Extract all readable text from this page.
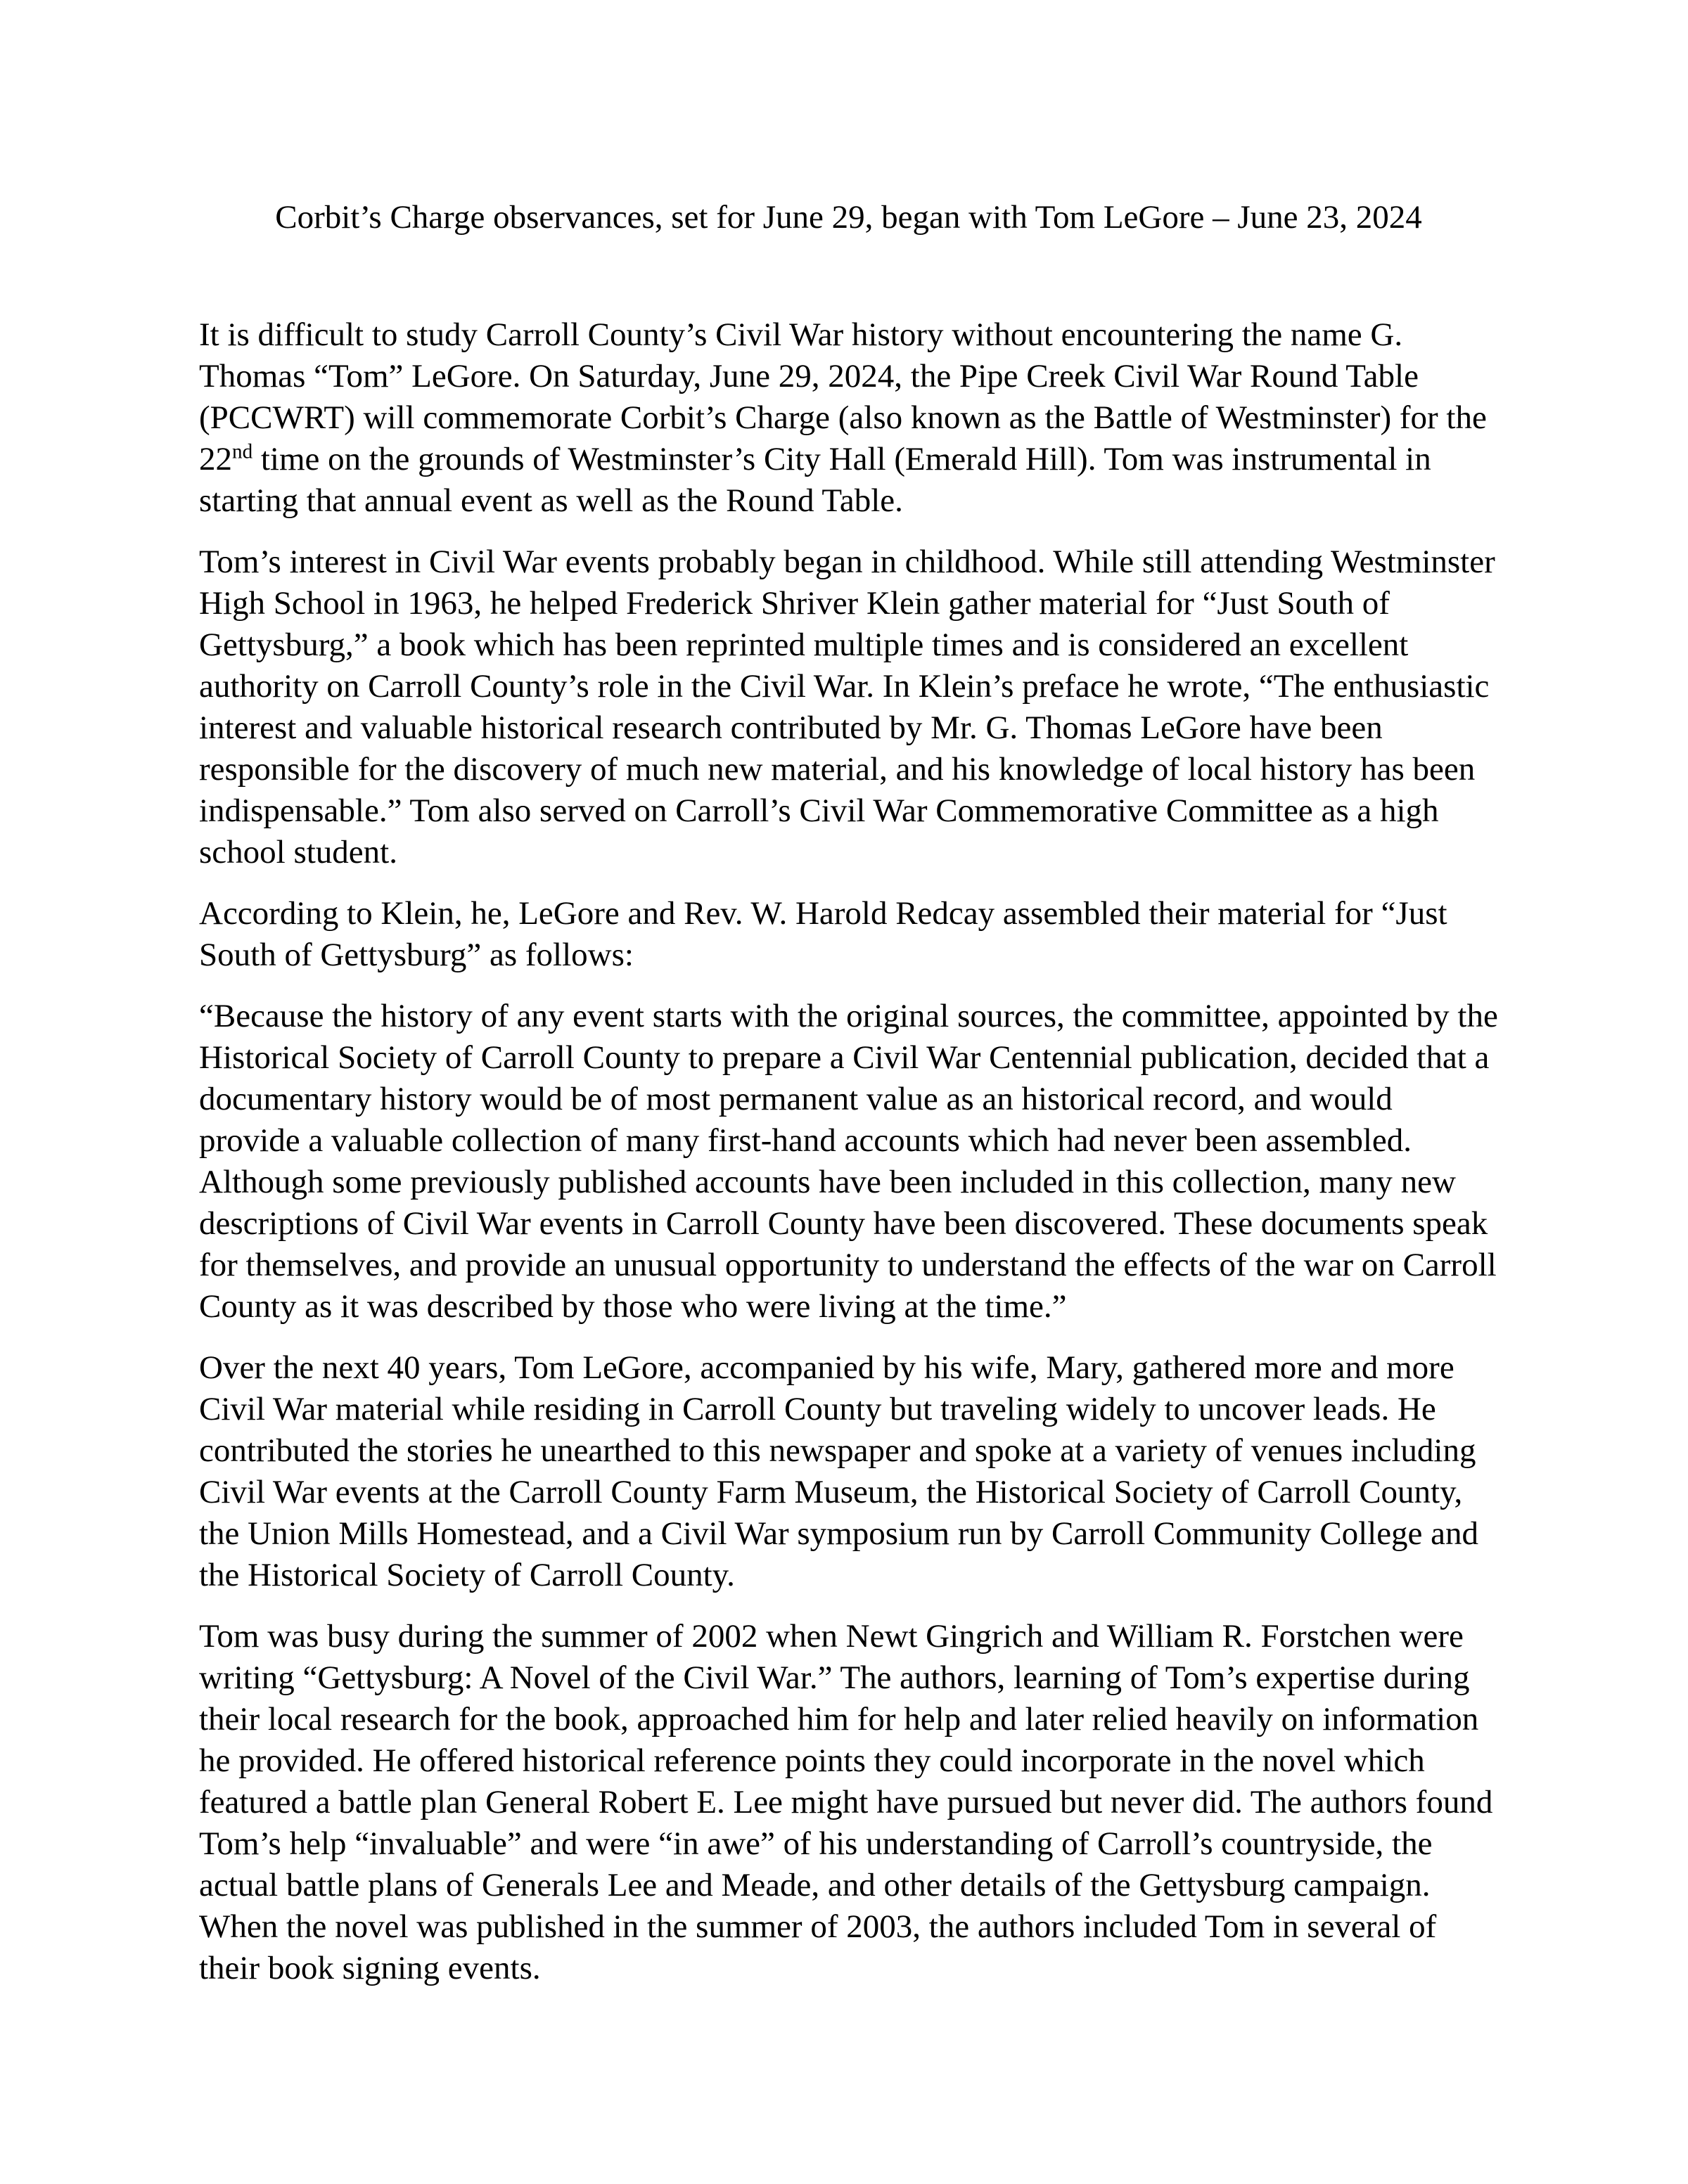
Corbit’s Charge observances, set for June 29, began with Tom LeGore – June 23, 2024

It is difficult to study Carroll County’s Civil War history without encountering the name G. Thomas “Tom” LeGore. On Saturday, June 29, 2024, the Pipe Creek Civil War Round Table (PCCWRT) will commemorate Corbit’s Charge (also known as the Battle of Westminster) for the 22nd time on the grounds of Westminster’s City Hall (Emerald Hill). Tom was instrumental in starting that annual event as well as the Round Table.

Tom’s interest in Civil War events probably began in childhood. While still attending Westminster High School in 1963, he helped Frederick Shriver Klein gather material for “Just South of Gettysburg,” a book which has been reprinted multiple times and is considered an excellent authority on Carroll County’s role in the Civil War. In Klein’s preface he wrote, “The enthusiastic interest and valuable historical research contributed by Mr. G. Thomas LeGore have been responsible for the discovery of much new material, and his knowledge of local history has been indispensable.” Tom also served on Carroll’s Civil War Commemorative Committee as a high school student.

According to Klein, he, LeGore and Rev. W. Harold Redcay assembled their material for “Just South of Gettysburg” as follows:

“Because the history of any event starts with the original sources, the committee, appointed by the Historical Society of Carroll County to prepare a Civil War Centennial publication, decided that a documentary history would be of most permanent value as an historical record, and would provide a valuable collection of many first-hand accounts which had never been assembled. Although some previously published accounts have been included in this collection, many new descriptions of Civil War events in Carroll County have been discovered. These documents speak for themselves, and provide an unusual opportunity to understand the effects of the war on Carroll County as it was described by those who were living at the time.”

Over the next 40 years, Tom LeGore, accompanied by his wife, Mary, gathered more and more Civil War material while residing in Carroll County but traveling widely to uncover leads. He contributed the stories he unearthed to this newspaper and spoke at a variety of venues including Civil War events at the Carroll County Farm Museum, the Historical Society of Carroll County, the Union Mills Homestead, and a Civil War symposium run by Carroll Community College and the Historical Society of Carroll County.

Tom was busy during the summer of 2002 when Newt Gingrich and William R. Forstchen were writing “Gettysburg: A Novel of the Civil War.” The authors, learning of Tom’s expertise during their local research for the book, approached him for help and later relied heavily on information he provided. He offered historical reference points they could incorporate in the novel which featured a battle plan General Robert E. Lee might have pursued but never did. The authors found Tom’s help “invaluable” and were “in awe” of his understanding of Carroll’s countryside, the actual battle plans of Generals Lee and Meade, and other details of the Gettysburg campaign. When the novel was published in the summer of 2003, the authors included Tom in several of their book signing events.
